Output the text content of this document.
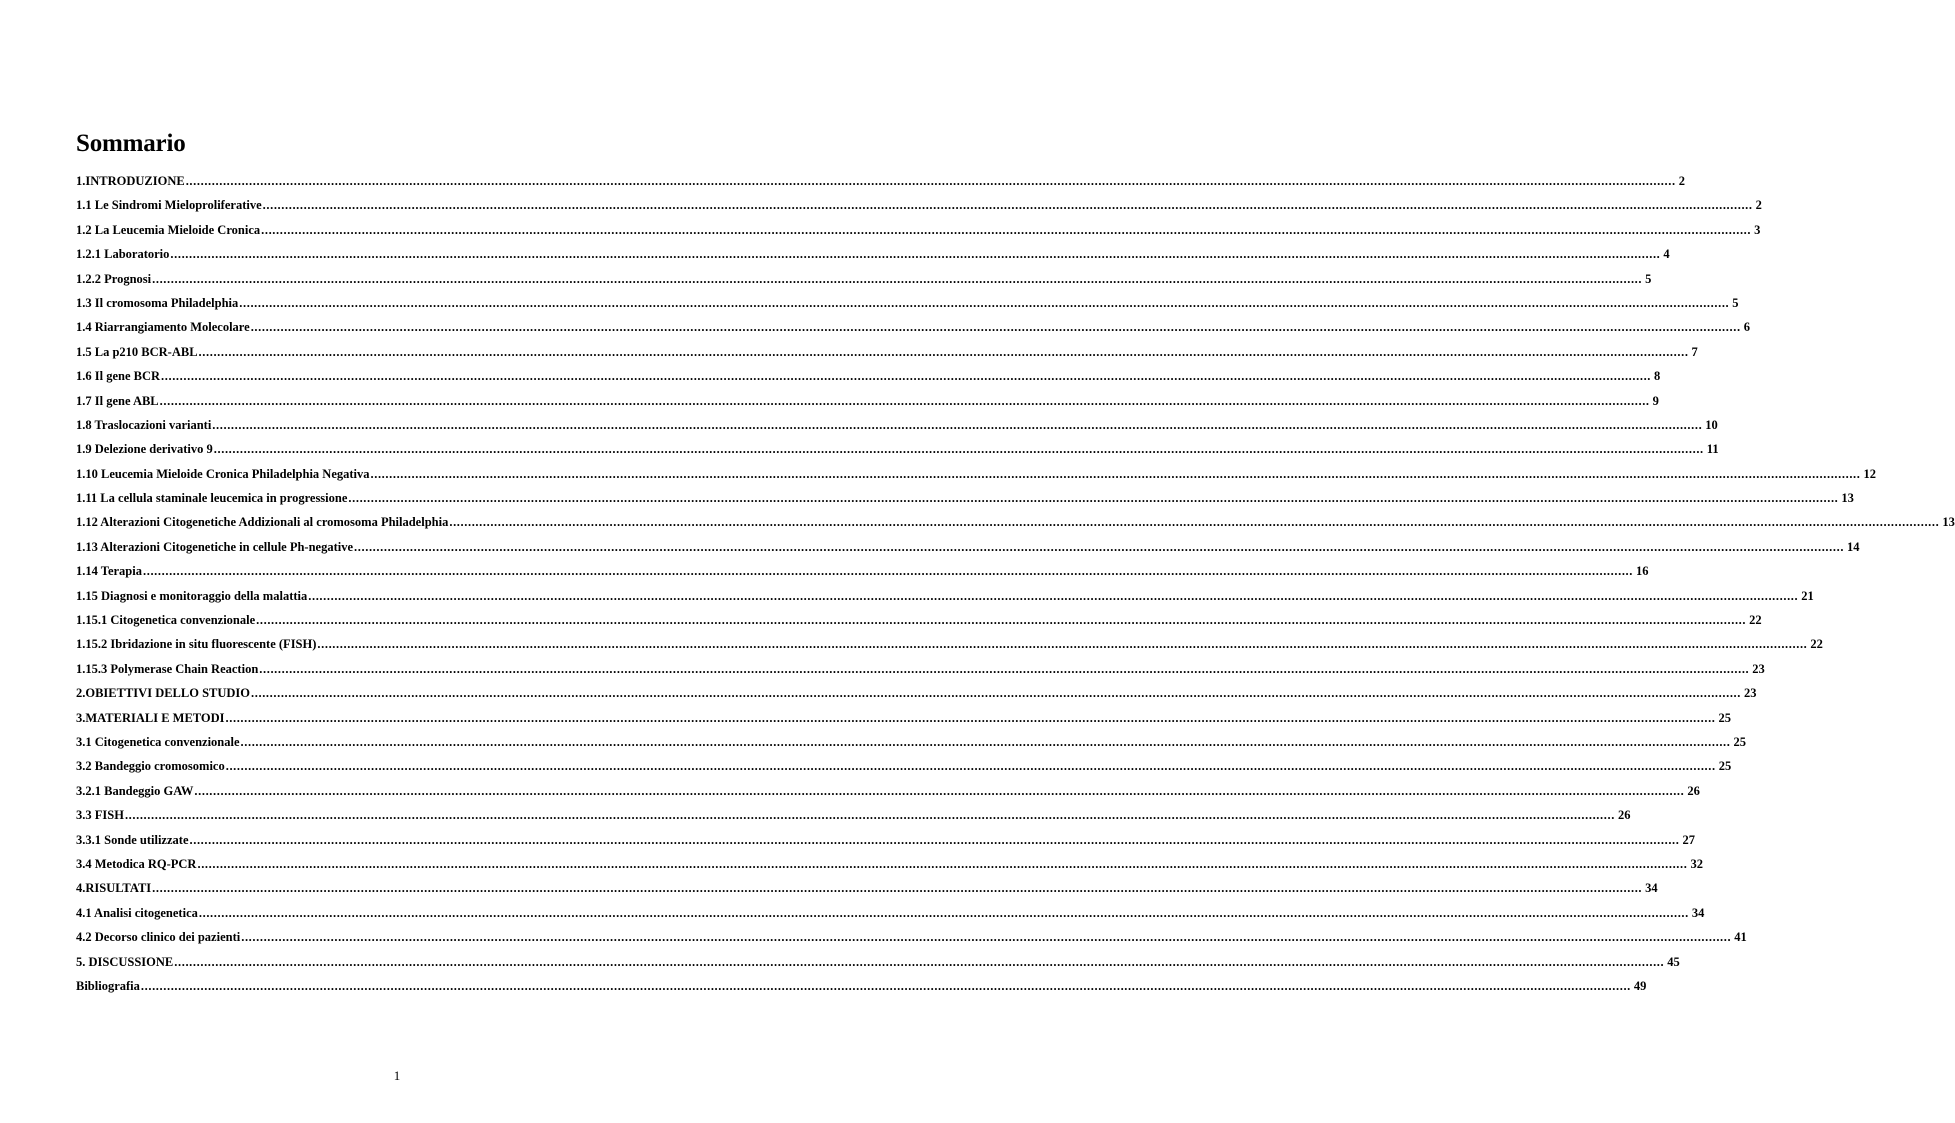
Sommario
1.INTRODUZIONE ................................................................................................................................................................................................................................................................................................................................................................................................................ 2
1.1 Le Sindromi Mieloproliferative ................................................................................................................................................................................................................................................................................................................................................................................................................ 2
1.2 La Leucemia Mieloide Cronica ................................................................................................................................................................................................................................................................................................................................................................................................................ 3
1.2.1 Laboratorio ................................................................................................................................................................................................................................................................................................................................................................................................................ 4
1.2.2 Prognosi ................................................................................................................................................................................................................................................................................................................................................................................................................ 5
1.3 Il cromosoma Philadelphia ................................................................................................................................................................................................................................................................................................................................................................................................................ 5
1.4 Riarrangiamento Molecolare ................................................................................................................................................................................................................................................................................................................................................................................................................ 6
1.5 La p210 BCR-ABL ................................................................................................................................................................................................................................................................................................................................................................................................................ 7
1.6 Il gene BCR ................................................................................................................................................................................................................................................................................................................................................................................................................ 8
1.7 Il gene ABL ................................................................................................................................................................................................................................................................................................................................................................................................................ 9
1.8 Traslocazioni varianti ................................................................................................................................................................................................................................................................................................................................................................................................................ 10
1.9 Delezione derivativo 9 ................................................................................................................................................................................................................................................................................................................................................................................................................ 11
1.10 Leucemia Mieloide Cronica Philadelphia Negativa ................................................................................................................................................................................................................................................................................................................................................................................................................ 12
1.11 La cellula staminale leucemica in progressione ................................................................................................................................................................................................................................................................................................................................................................................................................ 13
1.12 Alterazioni Citogenetiche Addizionali al cromosoma Philadelphia ................................................................................................................................................................................................................................................................................................................................................................................................................ 13
1.13 Alterazioni Citogenetiche in cellule Ph-negative ................................................................................................................................................................................................................................................................................................................................................................................................................ 14
1.14 Terapia ................................................................................................................................................................................................................................................................................................................................................................................................................ 16
1.15 Diagnosi e monitoraggio della malattia ................................................................................................................................................................................................................................................................................................................................................................................................................ 21
1.15.1 Citogenetica convenzionale ................................................................................................................................................................................................................................................................................................................................................................................................................ 22
1.15.2 Ibridazione in situ fluorescente (FISH) ................................................................................................................................................................................................................................................................................................................................................................................................................ 22
1.15.3 Polymerase Chain Reaction ................................................................................................................................................................................................................................................................................................................................................................................................................ 23
2.OBIETTIVI DELLO STUDIO ................................................................................................................................................................................................................................................................................................................................................................................................................ 23
3.MATERIALI E METODI ................................................................................................................................................................................................................................................................................................................................................................................................................ 25
3.1 Citogenetica convenzionale ................................................................................................................................................................................................................................................................................................................................................................................................................ 25
3.2 Bandeggio cromosomico ................................................................................................................................................................................................................................................................................................................................................................................................................ 25
3.2.1 Bandeggio GAW ................................................................................................................................................................................................................................................................................................................................................................................................................ 26
3.3 FISH ................................................................................................................................................................................................................................................................................................................................................................................................................ 26
3.3.1 Sonde utilizzate ................................................................................................................................................................................................................................................................................................................................................................................................................ 27
3.4 Metodica RQ-PCR ................................................................................................................................................................................................................................................................................................................................................................................................................ 32
4.RISULTATI ................................................................................................................................................................................................................................................................................................................................................................................................................ 34
4.1 Analisi citogenetica ................................................................................................................................................................................................................................................................................................................................................................................................................ 34
4.2 Decorso clinico dei pazienti ................................................................................................................................................................................................................................................................................................................................................................................................................ 41
5. DISCUSSIONE ................................................................................................................................................................................................................................................................................................................................................................................................................ 45
Bibliografia ................................................................................................................................................................................................................................................................................................................................................................................................................ 49
1
